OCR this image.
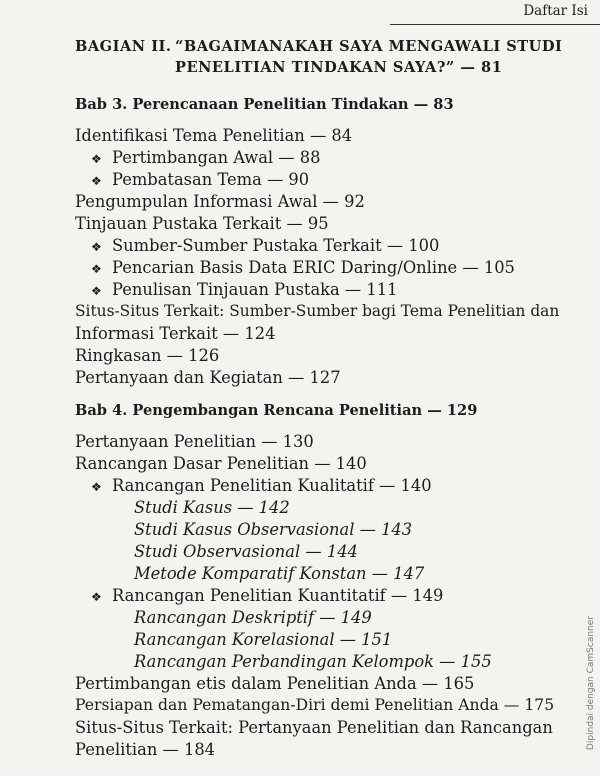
Daftar Isi
BAGIAN II. “BAGAIMANAKAH SAYA MENGAWALI STUDI
PENELITIAN TINDAKAN SAYA?” — 81
Bab 3. Perencanaan Penelitian Tindakan — 83
Identifikasi Tema Penelitian — 84
❖ Pertimbangan Awal — 88
❖ Pembatasan Tema — 90
Pengumpulan Informasi Awal — 92
Tinjauan Pustaka Terkait — 95
❖ Sumber-Sumber Pustaka Terkait — 100
❖ Pencarian Basis Data ERIC Daring/Online — 105
❖ Penulisan Tinjauan Pustaka — 111
Situs-Situs Terkait: Sumber-Sumber bagi Tema Penelitian dan
Informasi Terkait — 124
Ringkasan — 126
Pertanyaan dan Kegiatan — 127
Bab 4. Pengembangan Rencana Penelitian — 129
Pertanyaan Penelitian — 130
Rancangan Dasar Penelitian — 140
❖ Rancangan Penelitian Kualitatif — 140
Studi Kasus — 142
Studi Kasus Observasional — 143
Studi Observasional — 144
Metode Komparatif Konstan — 147
❖ Rancangan Penelitian Kuantitatif — 149
Rancangan Deskriptif — 149
Rancangan Korelasional — 151
Rancangan Perbandingan Kelompok — 155
Pertimbangan etis dalam Penelitian Anda — 165
Persiapan dan Pematangan-Diri demi Penelitian Anda — 175
Situs-Situs Terkait: Pertanyaan Penelitian dan Rancangan
Penelitian — 184	Dipindai dengan CamScanner
